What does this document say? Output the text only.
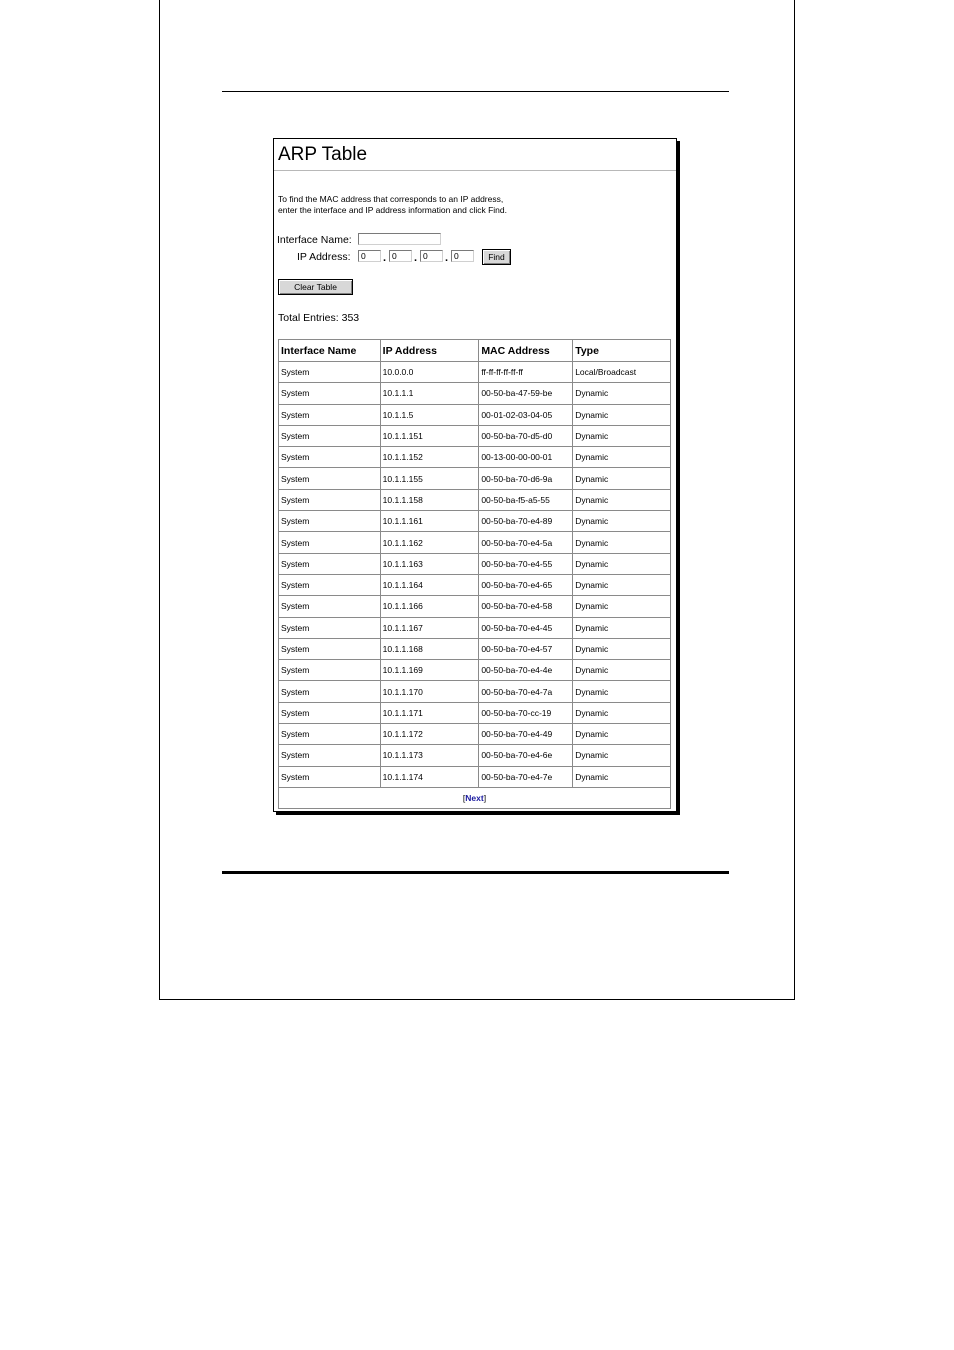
ARP Table
To find the MAC address that corresponds to an IP address,
enter the interface and IP address information and click Find.
Interface Name:
IP Address:
0	.
0	.
0	.
0	Find
Clear Table
Total Entries: 353
Interface Name	IP Address	MAC Address	Type
System	10.0.0.0	ff-ff-ff-ff-ff-ff	Local/Broadcast
System	10.1.1.1	00-50-ba-47-59-be	Dynamic
System	10.1.1.5	00-01-02-03-04-05	Dynamic
System	10.1.1.151	00-50-ba-70-d5-d0	Dynamic
System	10.1.1.152	00-13-00-00-00-01	Dynamic
System	10.1.1.155	00-50-ba-70-d6-9a	Dynamic
System	10.1.1.158	00-50-ba-f5-a5-55	Dynamic
System	10.1.1.161	00-50-ba-70-e4-89	Dynamic
System	10.1.1.162	00-50-ba-70-e4-5a	Dynamic
System	10.1.1.163	00-50-ba-70-e4-55	Dynamic
System	10.1.1.164	00-50-ba-70-e4-65	Dynamic
System	10.1.1.166	00-50-ba-70-e4-58	Dynamic
System	10.1.1.167	00-50-ba-70-e4-45	Dynamic
System	10.1.1.168	00-50-ba-70-e4-57	Dynamic
System	10.1.1.169	00-50-ba-70-e4-4e	Dynamic
System	10.1.1.170	00-50-ba-70-e4-7a	Dynamic
System	10.1.1.171	00-50-ba-70-cc-19	Dynamic
System	10.1.1.172	00-50-ba-70-e4-49	Dynamic
System	10.1.1.173	00-50-ba-70-e4-6e	Dynamic
System	10.1.1.174	00-50-ba-70-e4-7e	Dynamic
[Next]			
